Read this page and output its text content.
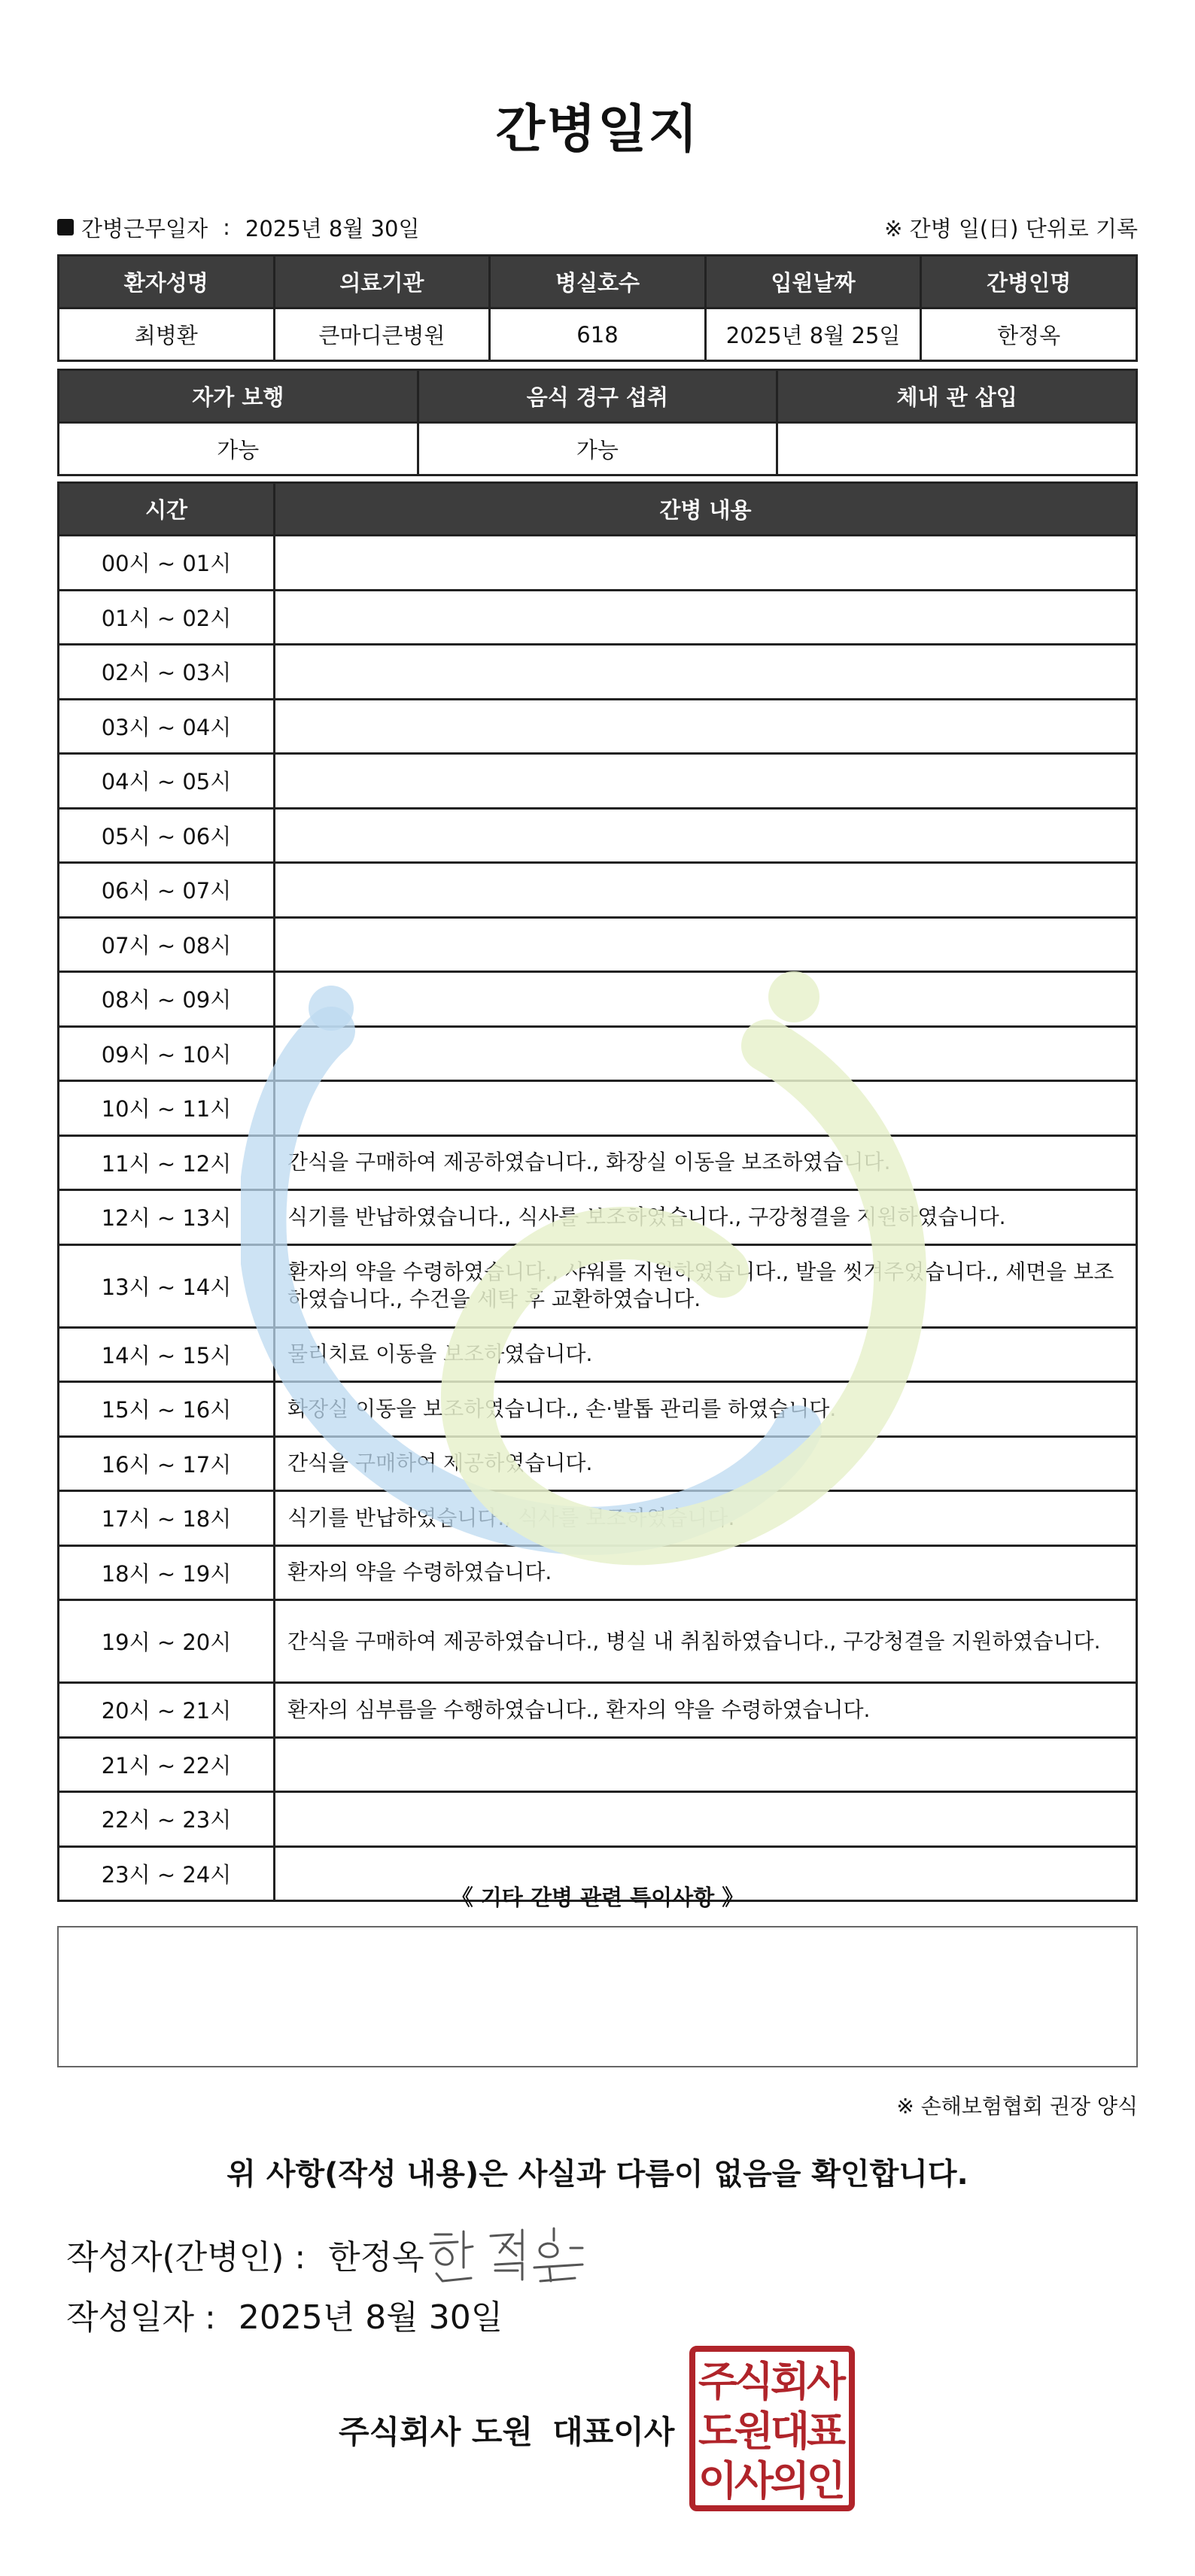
간병일지
간병근무일자 : 2025년 8월 30일	※ 간병 일(日) 단위로 기록
환자성명	의료기관	병실호수	입원날짜	간병인명
최병환	큰마디큰병원	618	2025년 8월 25일	한정옥
자가 보행	음식 경구 섭취	체내 관 삽입
가능	가능	
시간	간병 내용
00시 ~ 01시	
01시 ~ 02시	
02시 ~ 03시	
03시 ~ 04시	
04시 ~ 05시	
05시 ~ 06시	
06시 ~ 07시	
07시 ~ 08시	
08시 ~ 09시	
09시 ~ 10시	
10시 ~ 11시	
11시 ~ 12시	간식을 구매하여 제공하였습니다., 화장실 이동을 보조하였습니다.
12시 ~ 13시	식기를 반납하였습니다., 식사를 보조하였습니다., 구강청결을 지원하였습니다.
13시 ~ 14시	환자의 약을 수령하였습니다., 샤워를 지원하였습니다., 발을 씻겨주었습니다., 세면을 보조하였습니다., 수건을 세탁 후 교환하였습니다.
14시 ~ 15시	물리치료 이동을 보조하였습니다.
15시 ~ 16시	화장실 이동을 보조하였습니다., 손·발톱 관리를 하였습니다.
16시 ~ 17시	간식을 구매하여 제공하였습니다.
17시 ~ 18시	식기를 반납하였습니다., 식사를 보조하였습니다.
18시 ~ 19시	환자의 약을 수령하였습니다.
19시 ~ 20시	간식을 구매하여 제공하였습니다., 병실 내 취침하였습니다., 구강청결을 지원하였습니다.
20시 ~ 21시	환자의 심부름을 수행하였습니다., 환자의 약을 수령하였습니다.
21시 ~ 22시	
22시 ~ 23시	
23시 ~ 24시	
《 기타 간병 관련 특이사항 》
※ 손해보험협회 권장 양식
위 사항(작성 내용)은 사실과 다름이 없음을 확인합니다.
작성자(간병인) : 한정옥
작성일자 : 2025년 8월 30일
주식회사 도원 대표이사
주
식
회
사
도
원
대
표
이
사
의
인
